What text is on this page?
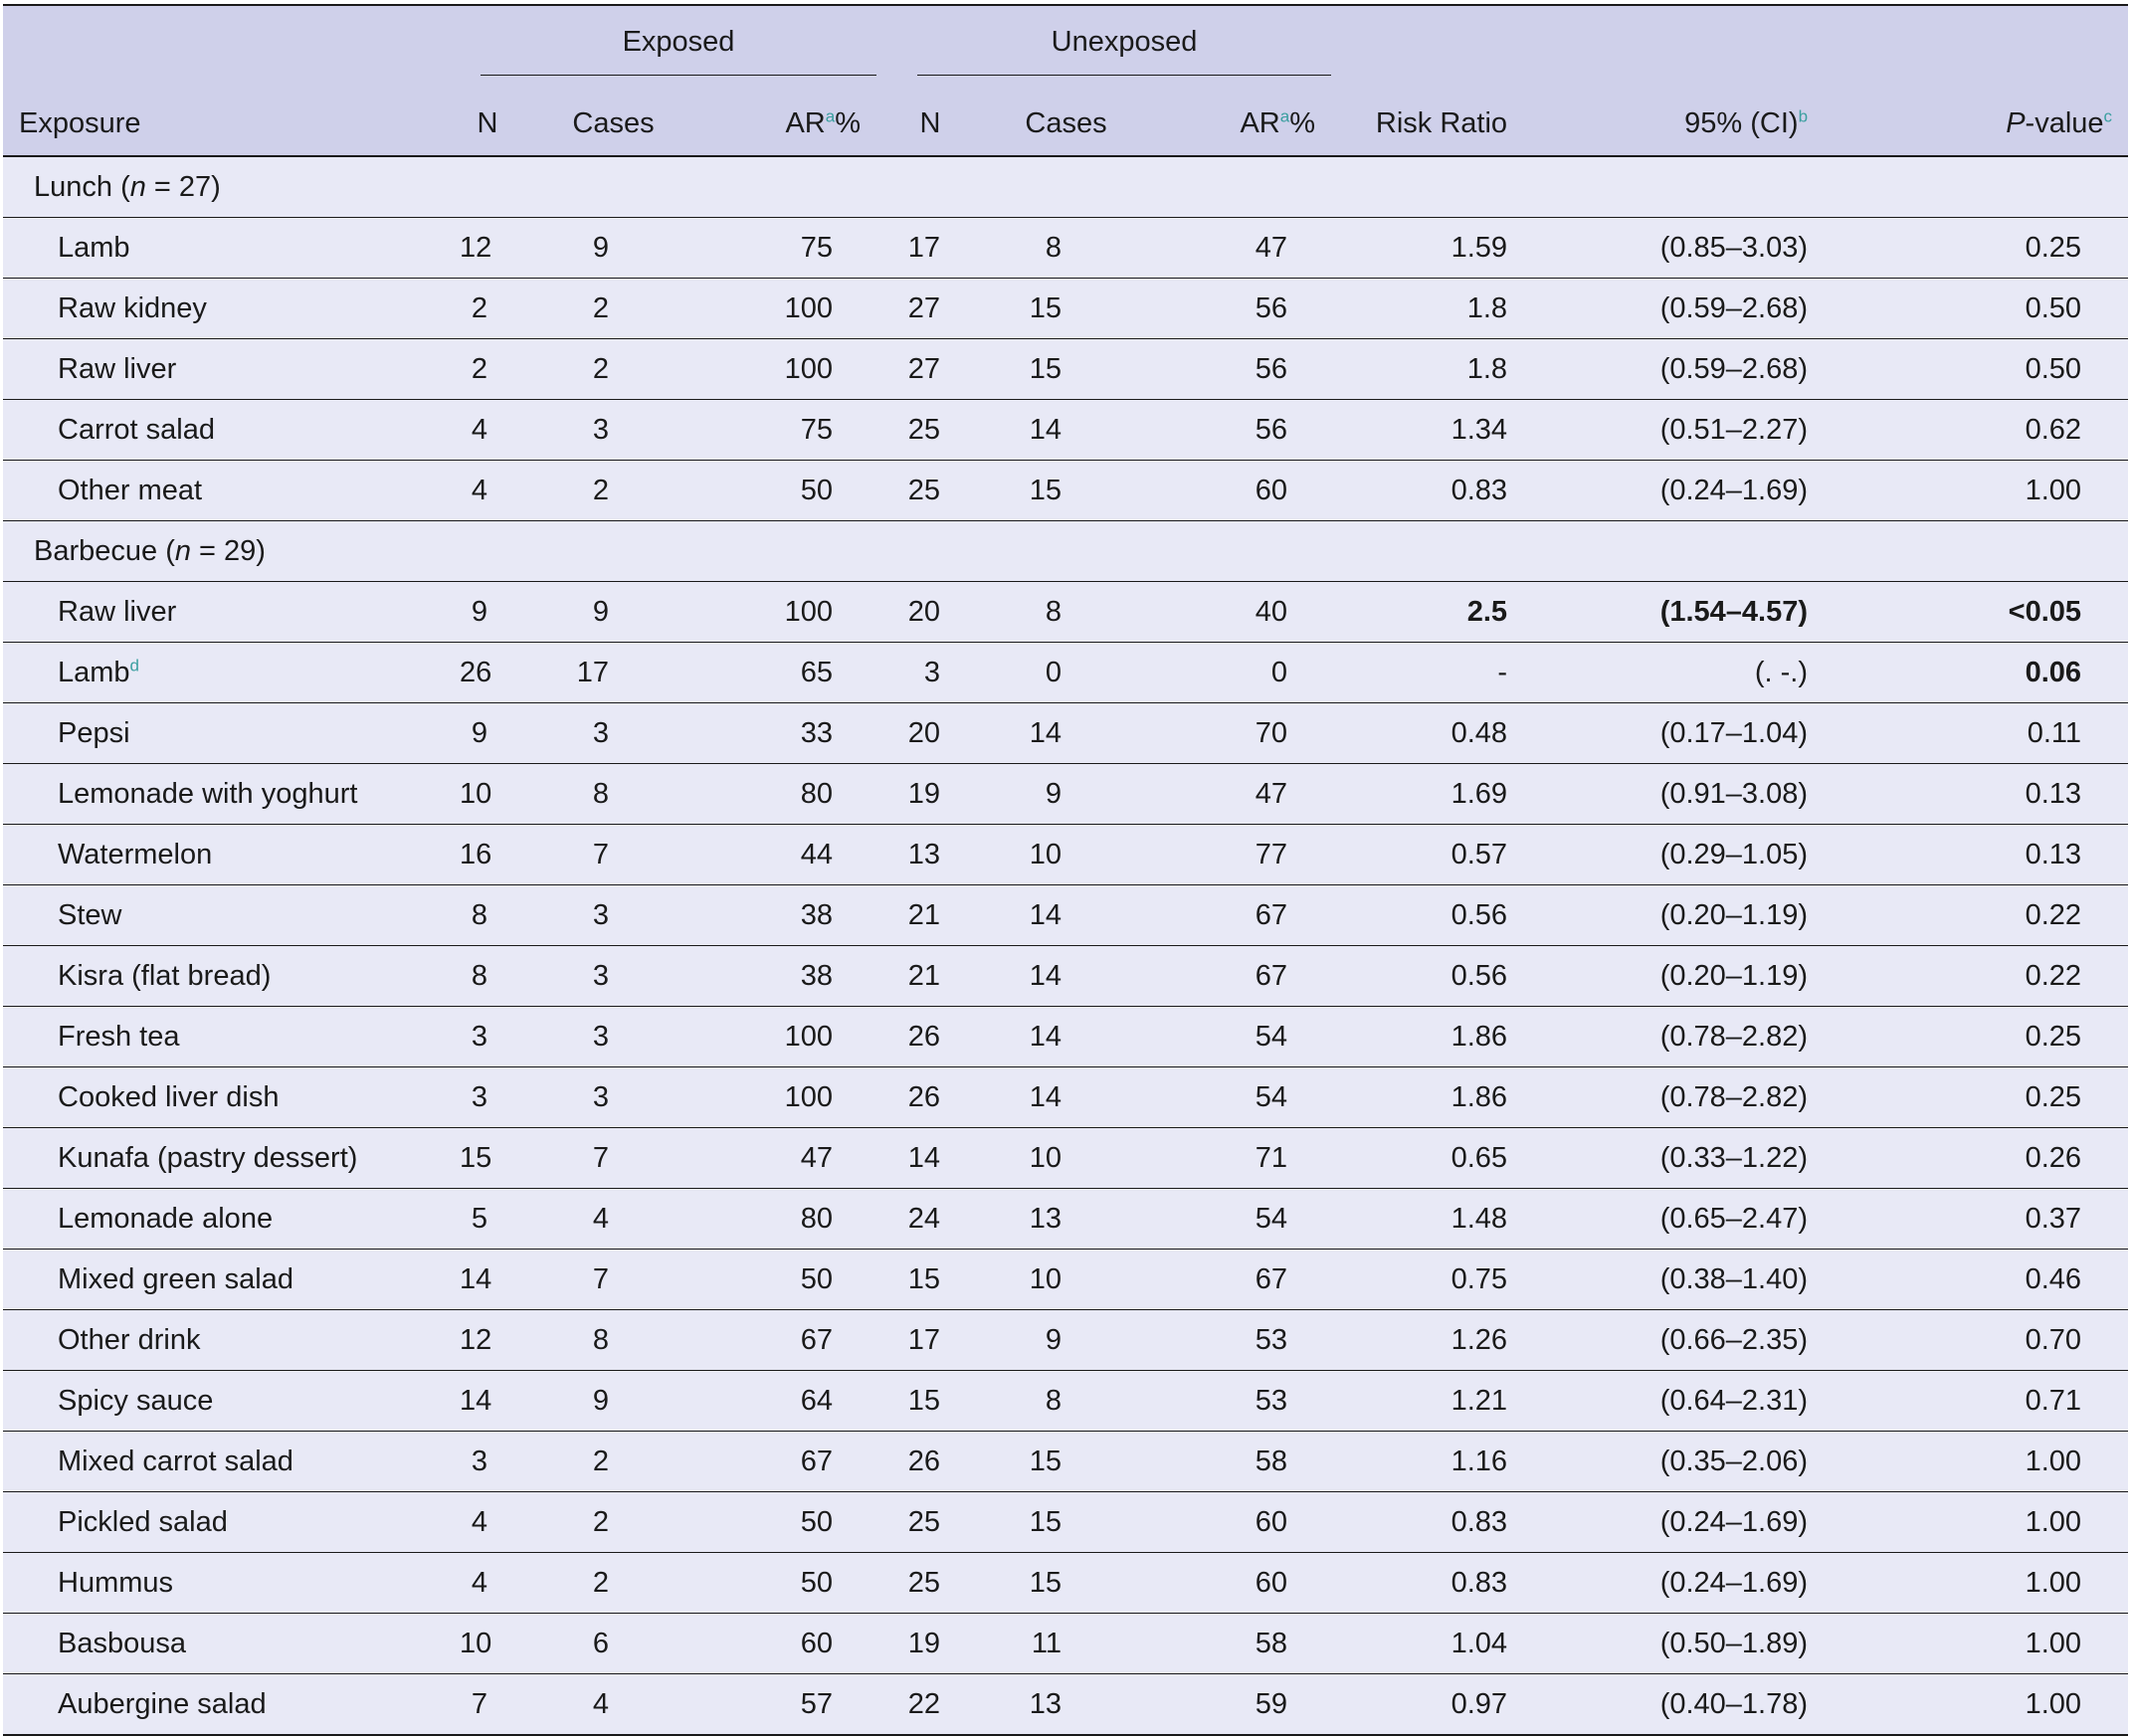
	Exposed			Unexposed					
Exposure	N	Cases	$AR^a\%$	N	Cases	$AR^a\%$	Risk Ratio	95% (CI)$^b$	P-value$^c$
Lunch (n = 27)									
Lamb	12	9	75	17	8	47	1.59	(0.85–3.03)	0.25
Raw kidney	2	2	100	27	15	56	1.8	(0.59–2.68)	0.50
Raw liver	2	2	100	27	15	56	1.8	(0.59–2.68)	0.50
Carrot salad	4	3	75	25	14	56	1.34	(0.51–2.27)	0.62
Other meat	4	2	50	25	15	60	0.83	(0.24–1.69)	1.00
Barbecue (n = 29)									
Raw liver	9	9	100	20	8	40	2.5	(1.54–4.57)	<0.05
Lamb$^d$	26	17	65	3	0	0	-	(. -.)	0.06
Pepsi	9	3	33	20	14	70	0.48	(0.17–1.04)	0.11
Lemonade with yoghurt	10	8	80	19	9	47	1.69	(0.91–3.08)	0.13
Watermelon	16	7	44	13	10	77	0.57	(0.29–1.05)	0.13
Stew	8	3	38	21	14	67	0.56	(0.20–1.19)	0.22
Kisra (flat bread)	8	3	38	21	14	67	0.56	(0.20–1.19)	0.22
Fresh tea	3	3	100	26	14	54	1.86	(0.78–2.82)	0.25
Cooked liver dish	3	3	100	26	14	54	1.86	(0.78–2.82)	0.25
Kunafa (pastry dessert)	15	7	47	14	10	71	0.65	(0.33–1.22)	0.26
Lemonade alone	5	4	80	24	13	54	1.48	(0.65–2.47)	0.37
Mixed green salad	14	7	50	15	10	67	0.75	(0.38–1.40)	0.46
Other drink	12	8	67	17	9	53	1.26	(0.66–2.35)	0.70
Spicy sauce	14	9	64	15	8	53	1.21	(0.64–2.31)	0.71
Mixed carrot salad	3	2	67	26	15	58	1.16	(0.35–2.06)	1.00
Pickled salad	4	2	50	25	15	60	0.83	(0.24–1.69)	1.00
Hummus	4	2	50	25	15	60	0.83	(0.24–1.69)	1.00
Basbousa	10	6	60	19	11	58	1.04	(0.50–1.89)	1.00
Aubergine salad	7	4	57	22	13	59	0.97	(0.40–1.78)	1.00
